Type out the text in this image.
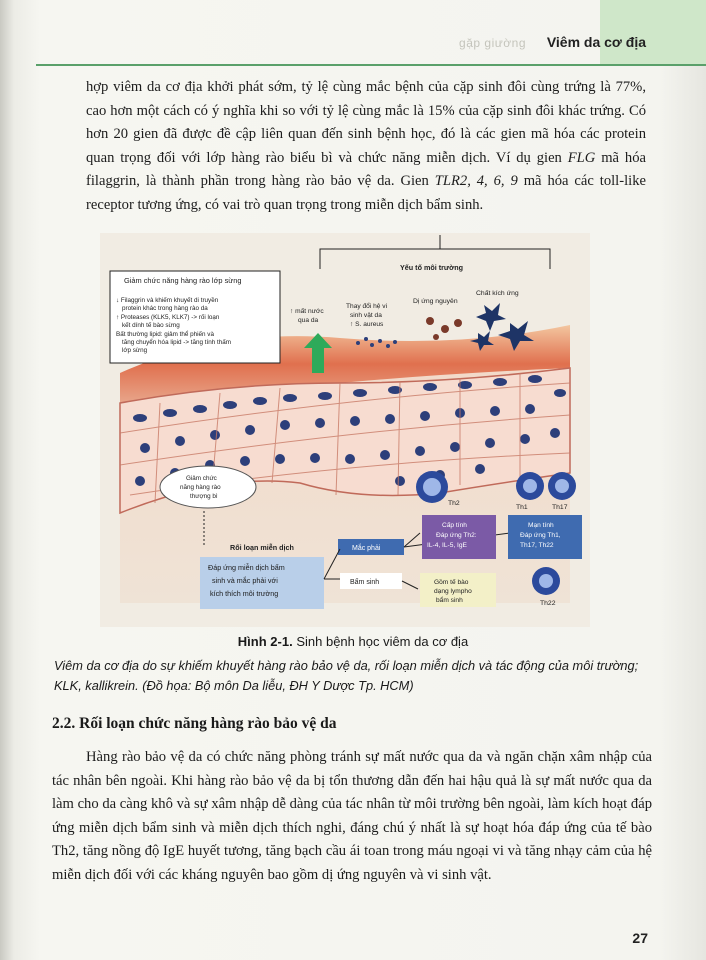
gặp giường Viêm da cơ địa
hợp viêm da cơ địa khởi phát sớm, tỷ lệ cùng mắc bệnh của cặp sinh đôi cùng trứng là 77%, cao hơn một cách có ý nghĩa khi so với tỷ lệ cùng mắc là 15% của cặp sinh đôi khác trứng. Có hơn 20 gien đã được đề cập liên quan đến sinh bệnh học, đó là các gien mã hóa các protein quan trọng đối với lớp hàng rào biểu bì và chức năng miễn dịch. Ví dụ gien FLG mã hóa filaggrin, là thành phần trong hàng rào bảo vệ da. Gien TLR2, 4, 6, 9 mã hóa các toll-like receptor tương ứng, có vai trò quan trọng trong miễn dịch bẩm sinh.
Giảm chức năng hàng rào lớp sừng
↓ Filaggrin và khiếm khuyết di truyền
protein khác trong hàng rào da
↑ Proteases (KLK5, KLK7) -> rối loạn
kết dính tế bào sừng
Bất thường lipid: giảm thể phiến và
tăng chuyển hóa lipid -> tăng tính thấm
lớp sừng
Yếu tố môi trường
↑ mất nước
qua da
Thay đổi hệ vi
sinh vật da
↑ S. aureus
Dị ứng nguyên
Chất kích ứng
Giảm chức
năng hàng rào
thượng bì
Th2
Th1	Th17
Th22
Rối loạn miễn dịch	Mắc phải
Cấp tính
Đáp ứng Th2:
IL-4, IL-5, IgE
Mạn tính
Đáp ứng Th1,
Th17, Th22
Đáp ứng miễn dịch bẩm
sinh và mắc phải với
kích thích môi trường
Bẩm sinh	Gồm tế bào
dạng lympho
bẩm sinh
Hình 2-1. Sinh bệnh học viêm da cơ địa
Viêm da cơ địa do sự khiếm khuyết hàng rào bảo vệ da, rối loạn miễn dịch và tác động của môi trường; KLK, kallikrein. (Đồ họa: Bộ môn Da liễu, ĐH Y Dược Tp. HCM)
2.2. Rối loạn chức năng hàng rào bảo vệ da
Hàng rào bảo vệ da có chức năng phòng tránh sự mất nước qua da và ngăn chặn xâm nhập của tác nhân bên ngoài. Khi hàng rào bảo vệ da bị tổn thương dẫn đến hai hậu quả là sự mất nước qua da làm cho da càng khô và sự xâm nhập dễ dàng của tác nhân từ môi trường bên ngoài, làm kích hoạt đáp ứng miễn dịch bẩm sinh và miễn dịch thích nghi, đáng chú ý nhất là sự hoạt hóa đáp ứng của tế bào Th2, tăng nồng độ IgE huyết tương, tăng bạch cầu ái toan trong máu ngoại vi và tăng nhạy cảm của hệ miễn dịch đối với các kháng nguyên bao gồm dị ứng nguyên và vi sinh vật.
27
